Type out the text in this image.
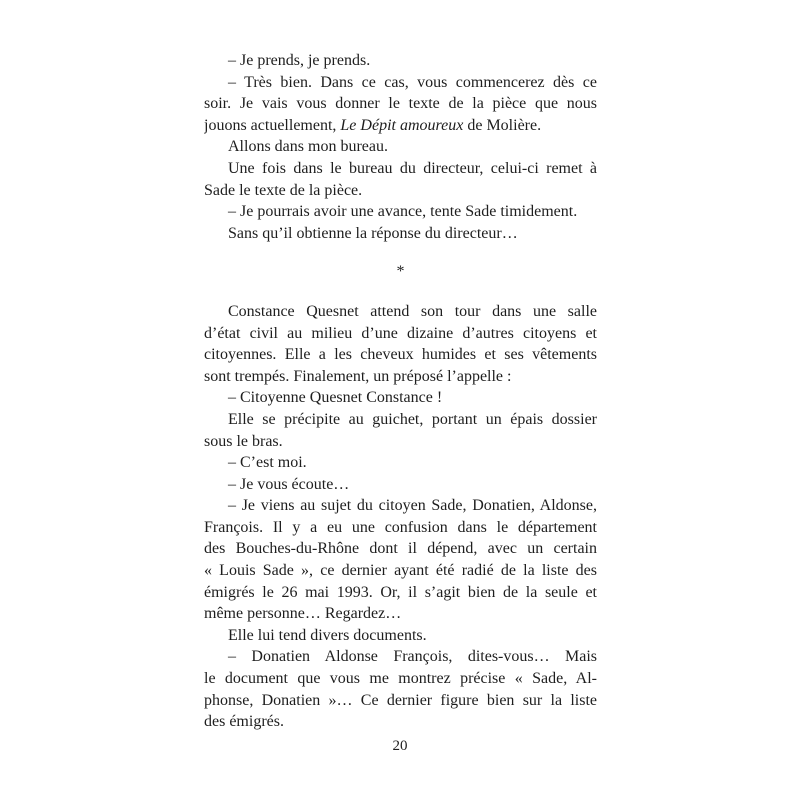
– Je prends, je prends.
– Très bien. Dans ce cas, vous commencerez dès ce
soir. Je vais vous donner le texte de la pièce que nous
jouons actuellement, Le Dépit amoureux de Molière.
Allons dans mon bureau.
Une fois dans le bureau du directeur, celui-ci remet à
Sade le texte de la pièce.
– Je pourrais avoir une avance, tente Sade timidement.
Sans qu’il obtienne la réponse du directeur…
*
Constance Quesnet attend son tour dans une salle
d’état civil au milieu d’une dizaine d’autres citoyens et
citoyennes. Elle a les cheveux humides et ses vêtements
sont trempés. Finalement, un préposé l’appelle :
– Citoyenne Quesnet Constance !
Elle se précipite au guichet, portant un épais dossier
sous le bras.
– C’est moi.
– Je vous écoute…
– Je viens au sujet du citoyen Sade, Donatien, Aldonse,
François. Il y a eu une confusion dans le département
des Bouches-du-Rhône dont il dépend, avec un certain
« Louis Sade », ce dernier ayant été radié de la liste des
émigrés le 26 mai 1993. Or, il s’agit bien de la seule et
même personne… Regardez…
Elle lui tend divers documents.
– Donatien Aldonse François, dites-vous… Mais
le document que vous me montrez précise « Sade, Al-
phonse, Donatien »… Ce dernier figure bien sur la liste
des émigrés.
20
